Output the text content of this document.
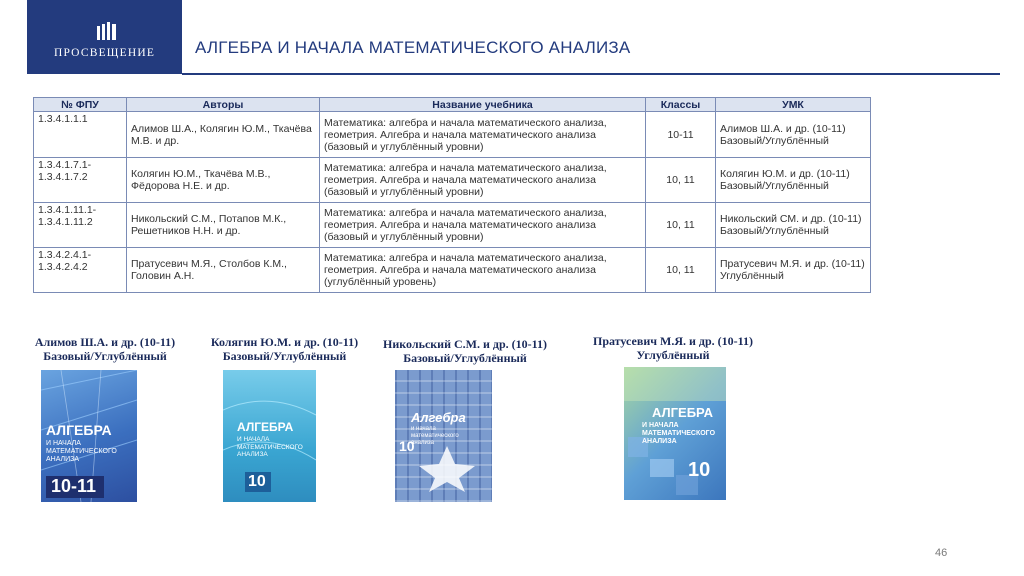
ПРОСВЕЩЕНИЕ	АЛГЕБРА И НАЧАЛА МАТЕМАТИЧЕСКОГО АНАЛИЗА
№ ФПУ	Авторы	Название учебника	Классы	УМК
1.3.4.1.1.1	Алимов Ш.А., Колягин Ю.М., Ткачёва М.В. и др.	Математика: алгебра и начала математического анализа, геометрия. Алгебра и начала математического анализа (базовый и углублённый уровни)	10-11	Алимов Ш.А. и др. (10-11) Базовый/Углублённый
1.3.4.1.7.1- 1.3.4.1.7.2	Колягин Ю.М., Ткачёва М.В., Фёдорова Н.Е. и др.	Математика: алгебра и начала математического анализа, геометрия. Алгебра и начала математического анализа (базовый и углублённый уровни)	10, 11	Колягин Ю.М. и др. (10-11) Базовый/Углублённый
1.3.4.1.11.1- 1.3.4.1.11.2	Никольский С.М., Потапов М.К., Решетников Н.Н. и др.	Математика: алгебра и начала математического анализа, геометрия. Алгебра и начала математического анализа (базовый и углублённый уровни)	10, 11	Никольский СМ. и др. (10-11) Базовый/Углублённый
1.3.4.2.4.1- 1.3.4.2.4.2	Пратусевич М.Я., Столбов К.М., Головин А.Н.	Математика: алгебра и начала математического анализа, геометрия. Алгебра и начала математического анализа (углублённый уровень)	10, 11	Пратусевич М.Я. и др. (10-11) Углублённый
Алимов Ш.А. и др. (10-11)
Базовый/Углублённый
Колягин Ю.М. и др. (10-11)
Базовый/Углублённый
Никольский С.М. и др. (10-11)
Базовый/Углублённый
Пратусевич М.Я. и др. (10-11)
Углублённый
АЛГЕБРА
И НАЧАЛА МАТЕМАТИЧЕСКОГО АНАЛИЗА
10-11
АЛГЕБРА
И НАЧАЛА МАТЕМАТИЧЕСКОГО АНАЛИЗА
10
Алгебра
и начала математического анализа
10
АЛГЕБРА
И НАЧАЛА МАТЕМАТИЧЕСКОГО АНАЛИЗА
10
46
